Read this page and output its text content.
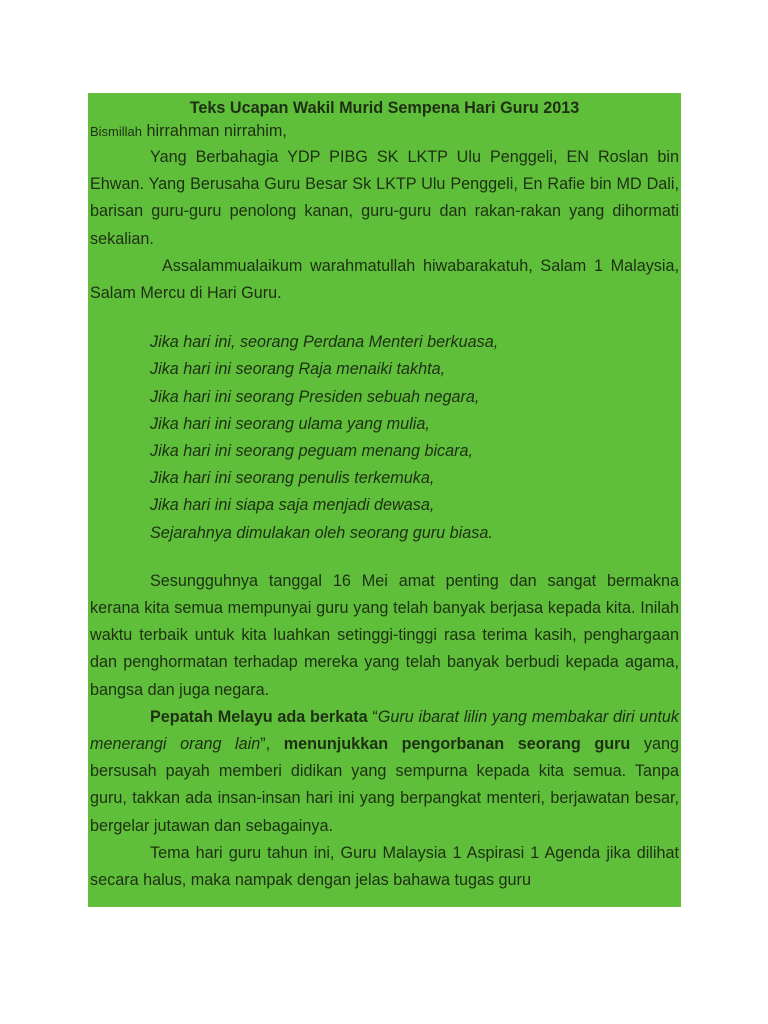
Teks Ucapan Wakil Murid Sempena Hari Guru 2013

Bismillah hirrahman nirrahim,

Yang Berbahagia YDP PIBG SK LKTP Ulu Penggeli, EN Roslan bin Ehwan. Yang Berusaha Guru Besar Sk LKTP Ulu Penggeli, En Rafie bin MD Dali, barisan guru-guru penolong kanan, guru-guru dan rakan-rakan yang dihormati sekalian.

Assalammualaikum warahmatullah hiwabarakatuh, Salam 1 Malaysia, Salam Mercu di Hari Guru.

Jika hari ini, seorang Perdana Menteri berkuasa,
Jika hari ini seorang Raja menaiki takhta,
Jika hari ini seorang Presiden sebuah negara,
Jika hari ini seorang ulama yang mulia,
Jika hari ini seorang peguam menang bicara,
Jika hari ini seorang penulis terkemuka,
Jika hari ini siapa saja menjadi dewasa,
Sejarahnya dimulakan oleh seorang guru biasa.

Sesungguhnya tanggal 16 Mei amat penting dan sangat bermakna kerana kita semua mempunyai guru yang telah banyak berjasa kepada kita. Inilah waktu terbaik untuk kita luahkan setinggi-tinggi rasa terima kasih, penghargaan dan penghormatan terhadap mereka yang telah banyak berbudi kepada agama, bangsa dan juga negara.

Pepatah Melayu ada berkata “Guru ibarat lilin yang membakar diri untuk menerangi orang lain”, menunjukkan pengorbanan seorang guru yang bersusah payah memberi didikan yang sempurna kepada kita semua. Tanpa guru, takkan ada insan-insan hari ini yang berpangkat menteri, berjawatan besar, bergelar jutawan dan sebagainya.

Tema hari guru tahun ini, Guru Malaysia 1 Aspirasi 1 Agenda jika dilihat secara halus, maka nampak dengan jelas bahawa tugas guru
